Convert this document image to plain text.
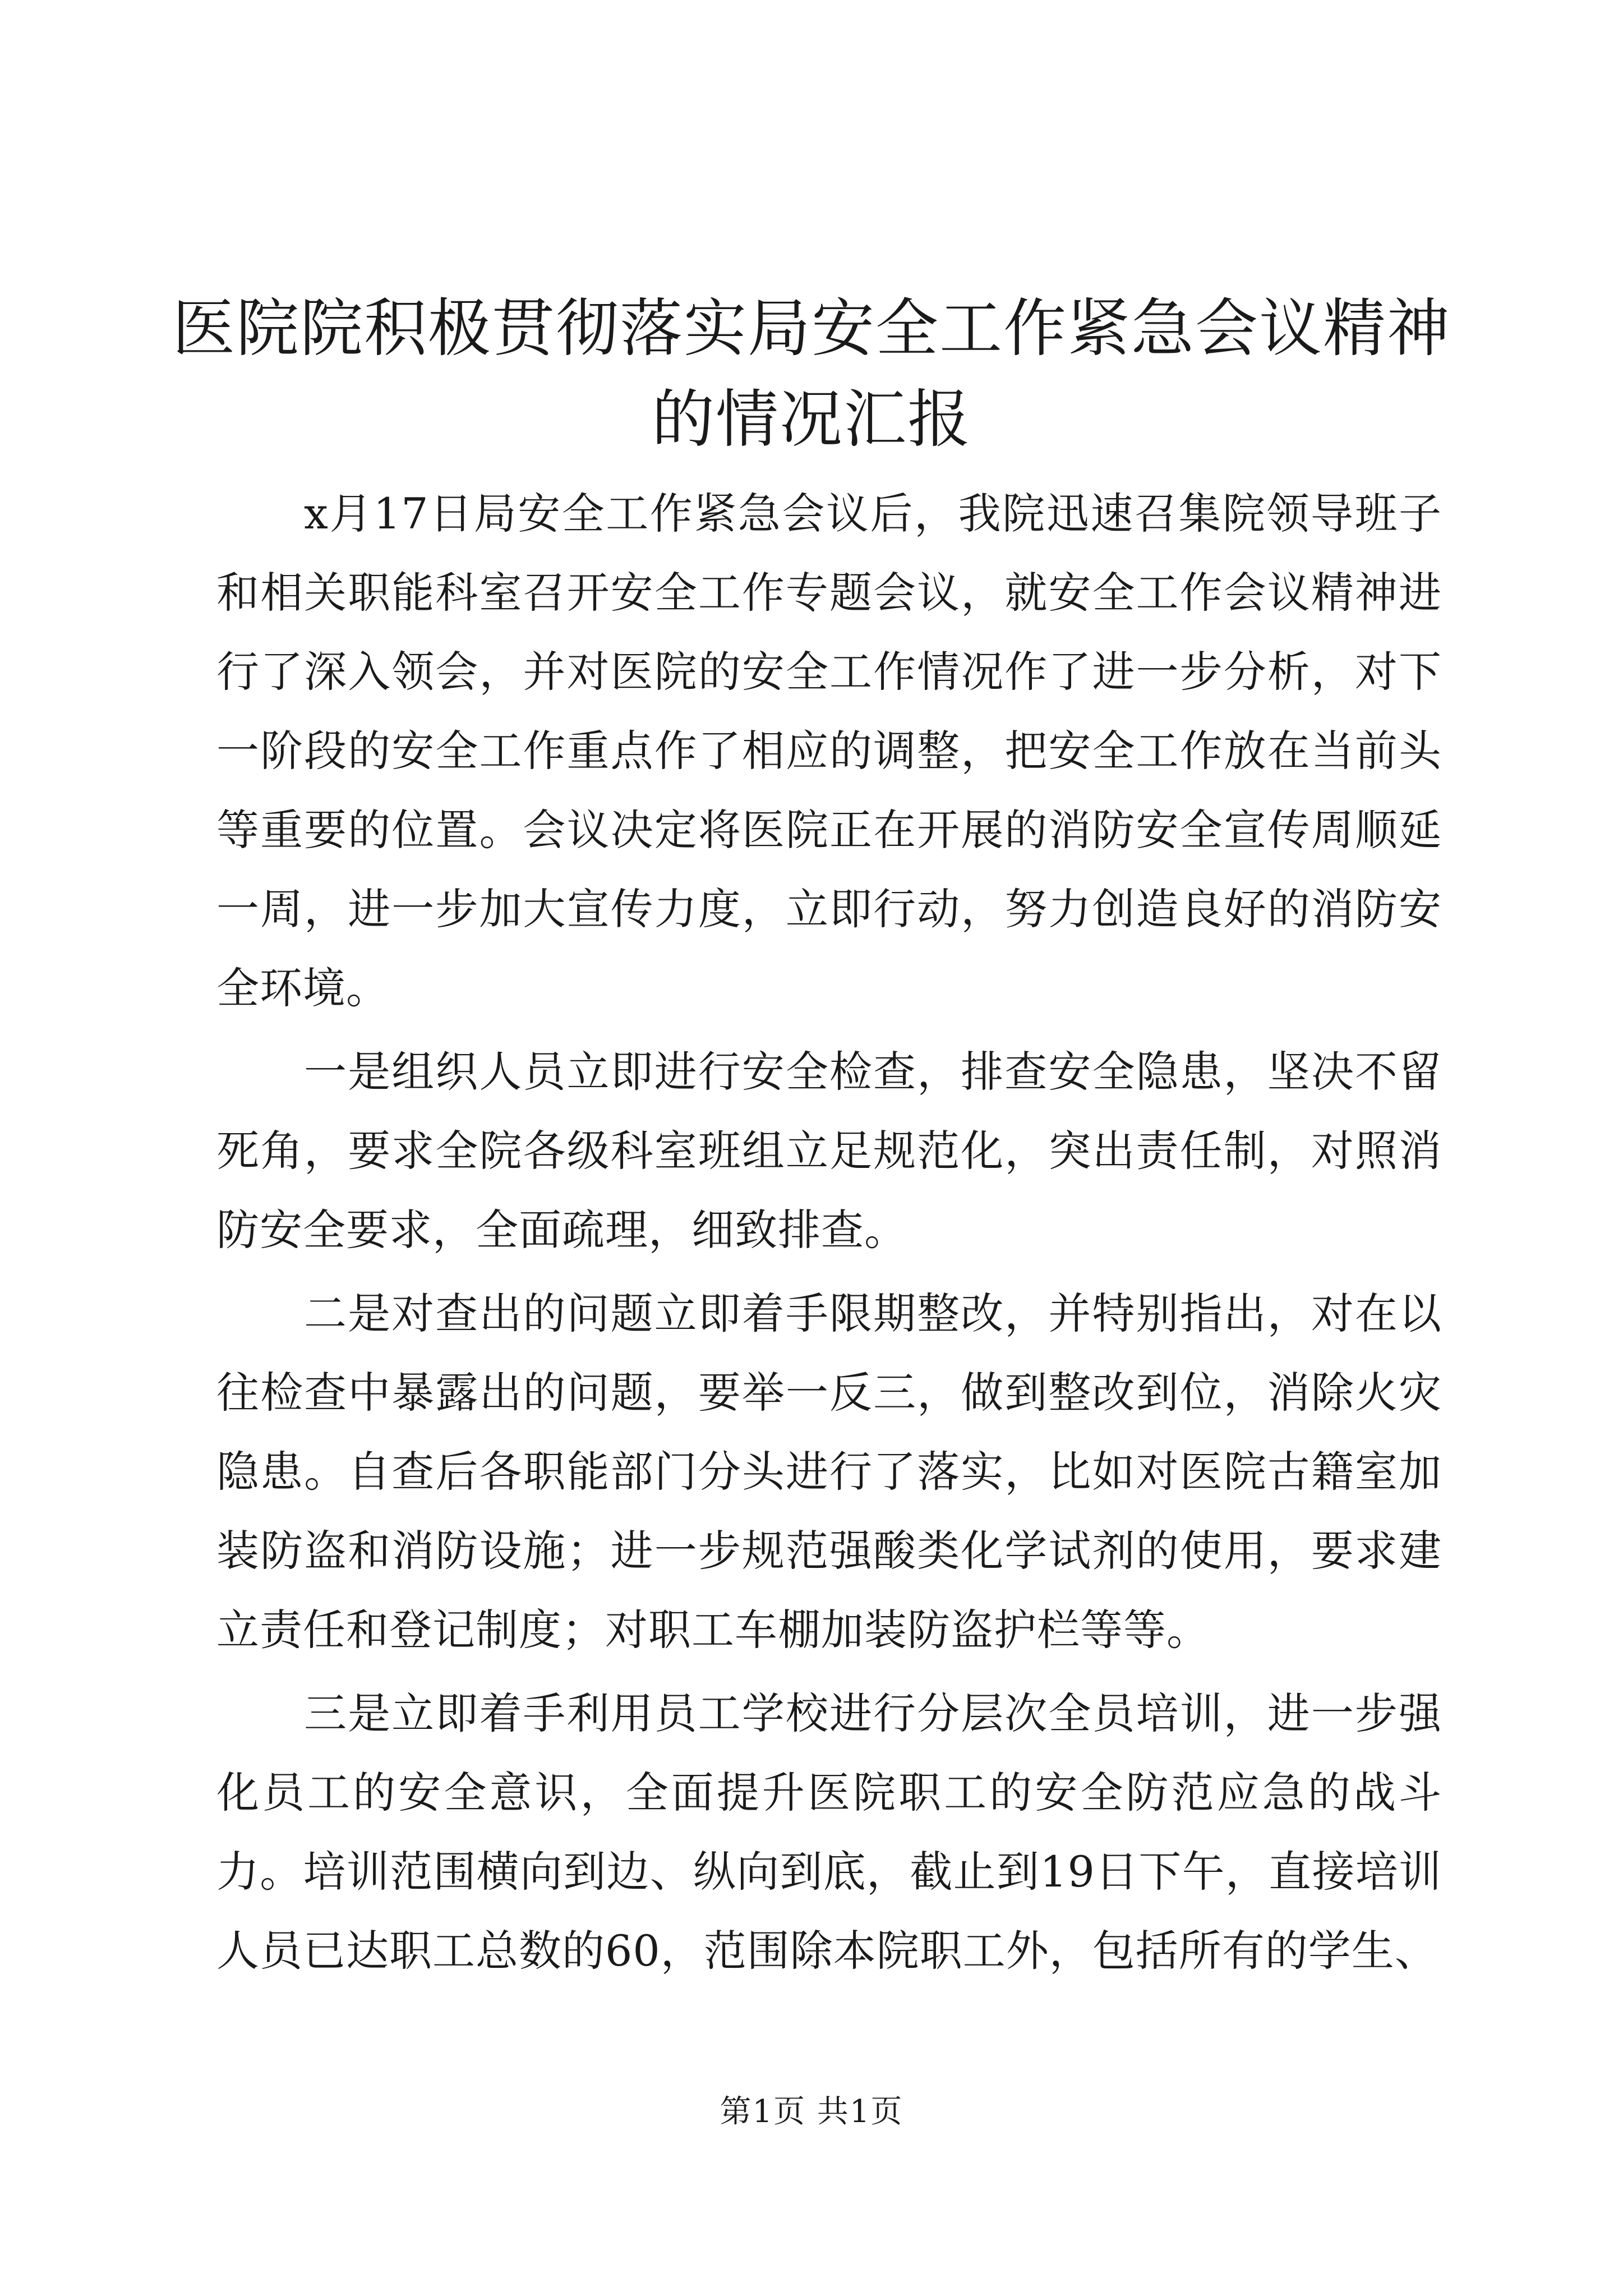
医院院积极贯彻落实局安全工作紧急会议精神
的情况汇报

x月17日局安全工作紧急会议后，我院迅速召集院领导班子和相关职能科室召开安全工作专题会议，就安全工作会议精神进行了深入领会，并对医院的安全工作情况作了进一步分析，对下一阶段的安全工作重点作了相应的调整，把安全工作放在当前头等重要的位置。会议决定将医院正在开展的消防安全宣传周顺延一周，进一步加大宣传力度，立即行动，努力创造良好的消防安全环境。

一是组织人员立即进行安全检查，排查安全隐患，坚决不留死角，要求全院各级科室班组立足规范化，突出责任制，对照消防安全要求，全面疏理，细致排查。

二是对查出的问题立即着手限期整改，并特别指出，对在以往检查中暴露出的问题，要举一反三，做到整改到位，消除火灾隐患。自查后各职能部门分头进行了落实，比如对医院古籍室加装防盗和消防设施；进一步规范强酸类化学试剂的使用，要求建立责任和登记制度；对职工车棚加装防盗护栏等等。

三是立即着手利用员工学校进行分层次全员培训，进一步强化员工的安全意识，全面提升医院职工的安全防范应急的战斗力。培训范围横向到边、纵向到底，截止到19日下午，直接培训人员已达职工总数的60，范围除本院职工外，包括所有的学生、

第1页 共1页
